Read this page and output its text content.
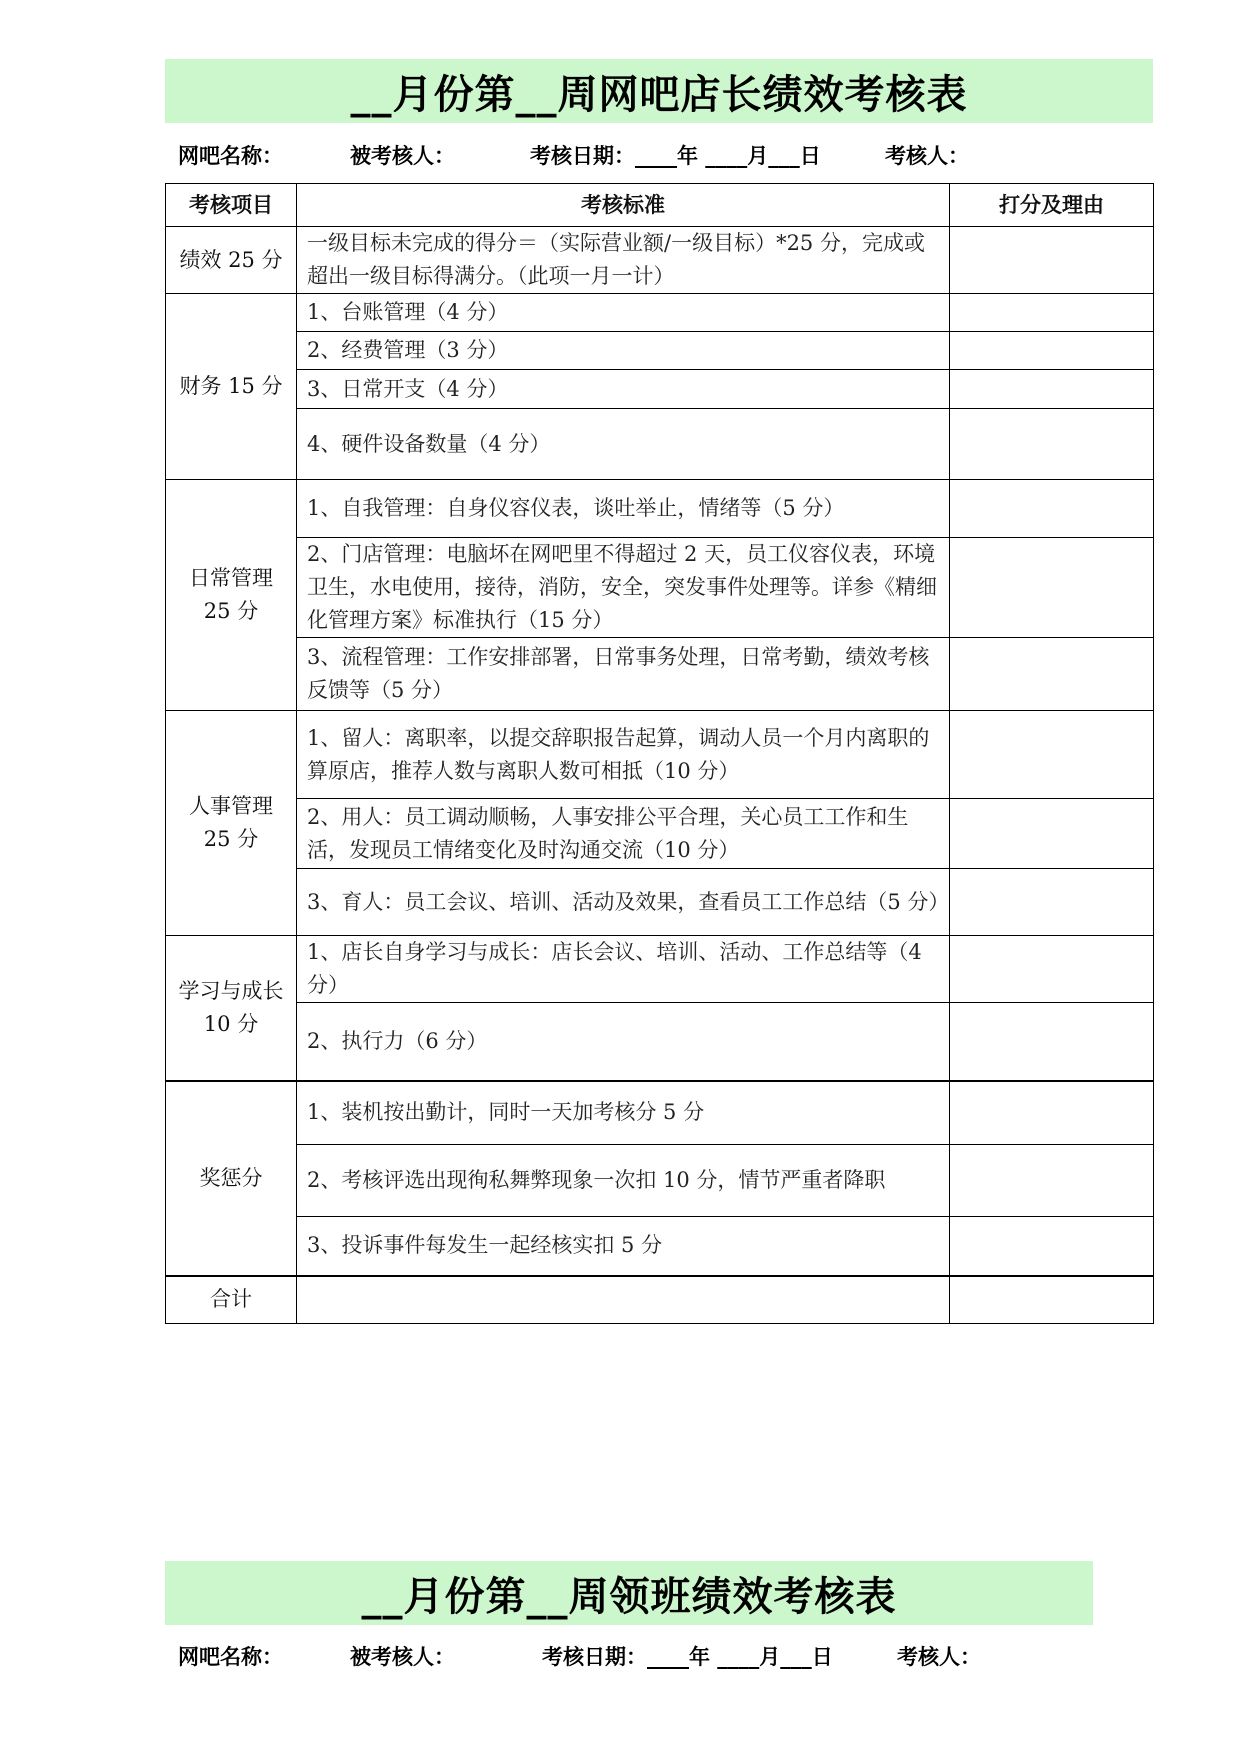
__月份第__周网吧店长绩效考核表
网吧名称：	被考核人：	考核日期：____年 ____月___日	考核人：
考核项目	考核标准	打分及理由
绩效 25 分	一级目标未完成的得分＝（实际营业额/一级目标）*25 分，完成或超出一级目标得满分。（此项一月一计）	
财务 15 分	1、台账管理（4 分）	
	2、经费管理（3 分）	
	3、日常开支（4 分）	
	4、硬件设备数量（4 分）	
日常管理 25 分	1、自我管理：自身仪容仪表，谈吐举止，情绪等（5 分）	
	2、门店管理：电脑坏在网吧里不得超过 2 天，员工仪容仪表，环境卫生，水电使用，接待，消防，安全，突发事件处理等。详参《精细化管理方案》标准执行（15 分）	
	3、流程管理：工作安排部署，日常事务处理，日常考勤，绩效考核反馈等（5 分）	
人事管理 25 分	1、留人：离职率，以提交辞职报告起算，调动人员一个月内离职的算原店，推荐人数与离职人数可相抵（10 分）	
	2、用人：员工调动顺畅，人事安排公平合理，关心员工工作和生活，发现员工情绪变化及时沟通交流（10 分）	
	3、育人：员工会议、培训、活动及效果，查看员工工作总结（5 分）	
学习与成长 10 分	1、店长自身学习与成长：店长会议、培训、活动、工作总结等（4 分）	
	2、执行力（6 分）	
奖惩分	1、装机按出勤计，同时一天加考核分 5 分	
	2、考核评选出现徇私舞弊现象一次扣 10 分，情节严重者降职	
	3、投诉事件每发生一起经核实扣 5 分	
合计		
__月份第__周领班绩效考核表
网吧名称：	被考核人：	考核日期：____年 ____月___日	考核人：
